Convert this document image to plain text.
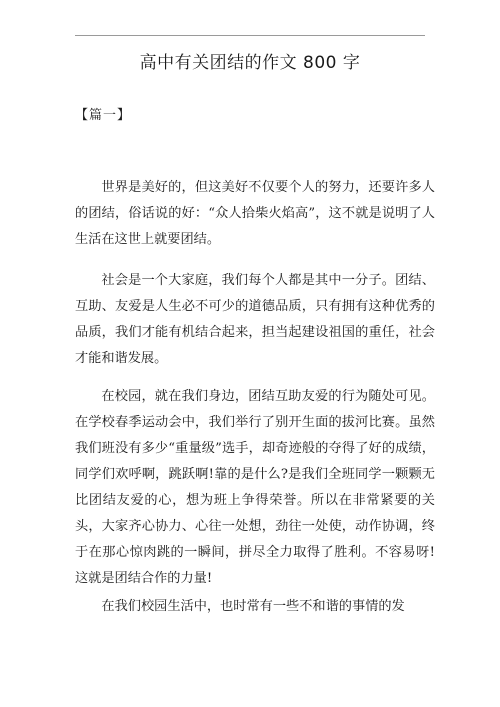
高中有关团结的作文 800 字
【篇一】
世界是美好的，但这美好不仅要个人的努力，还要许多人的团结，俗话说的好：“众人拾柴火焰高”，这不就是说明了人生活在这世上就要团结。
社会是一个大家庭，我们每个人都是其中一分子。团结、互助、友爱是人生必不可少的道德品质，只有拥有这种优秀的品质，我们才能有机结合起来，担当起建设祖国的重任，社会才能和谐发展。
在校园，就在我们身边，团结互助友爱的行为随处可见。在学校春季运动会中，我们举行了别开生面的拔河比赛。虽然我们班没有多少“重量级”选手，却奇迹般的夺得了好的成绩，同学们欢呼啊，跳跃啊!靠的是什么?是我们全班同学一颗颗无比团结友爱的心，想为班上争得荣誉。所以在非常紧要的关头，大家齐心协力、心往一处想，劲往一处使，动作协调，终于在那心惊肉跳的一瞬间，拼尽全力取得了胜利。不容易呀!这就是团结合作的力量!
在我们校园生活中，也时常有一些不和谐的事情的发
